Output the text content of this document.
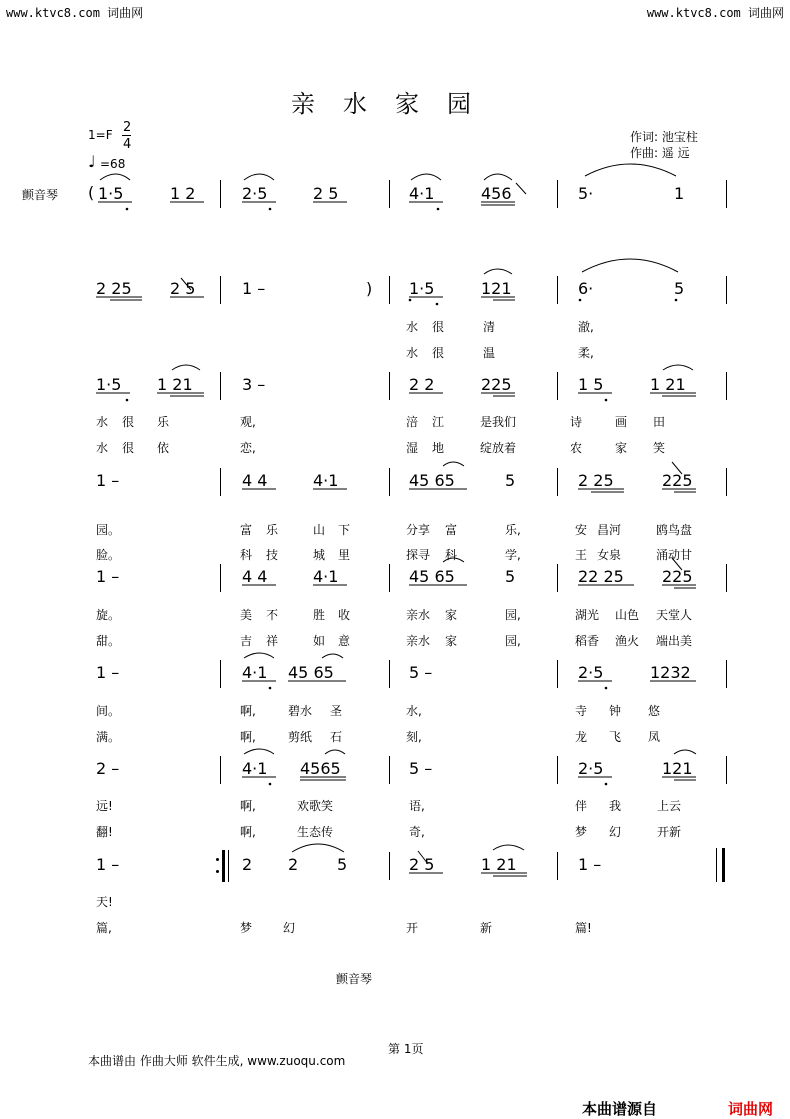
www.ktvc8.com 词曲网	www.ktvc8.com 词曲网
亲水家园
1=F 2
4
♩ =68
作词: 池宝柱
作曲: 遥 远
颤音琴 ( 1·5	1 2	2·5	2 5	4·1	456	5·	1
2 25 2 5	1 –	) 1·5	121	6·	5
水 很	清	澈,
水 很	温	柔,
1·5 1 21	3 –	2 2	225	1 5	1 21
水 很 乐	观,	涪 江	是我们	诗	画 田
水 很 依	恋,	湿 地	绽放着	农	家 笑
1 –	4 4	4·1	45 65	5	2 25	225
园。	富 乐	山 下	分享 富	乐,	安 昌河	鸥鸟盘
脸。	科 技	城 里	探寻 科	学,	王 女泉	涌动甘
1 –	4 4	4·1	45 65	5	22 25 225
旋。	美 不	胜 收	亲水 家	园,	湖光 山色 天堂人
甜。	吉 祥	如 意	亲水 家	园,	稻香 渔火 端出美
1 –	4·1 45 65	5 –	2·5	1232
间。	啊,	碧水 圣	水,	寺 钟 悠
满。	啊,	剪纸 石	刻,	龙 飞 凤
2 –	4·1 4565	5 –	2·5	121
远!	啊,	欢歌笑	语,	伴 我	上云
翻!	啊,	生态传	奇,	梦 幻	开新
1 –	2 2 5	2 5	1 21	1 –
天!
篇,	梦	幻	开	新	篇!
颤音琴
第 1页
本曲谱由 作曲大师 软件生成, www.zuoqu.com
本曲谱源自	词曲网
